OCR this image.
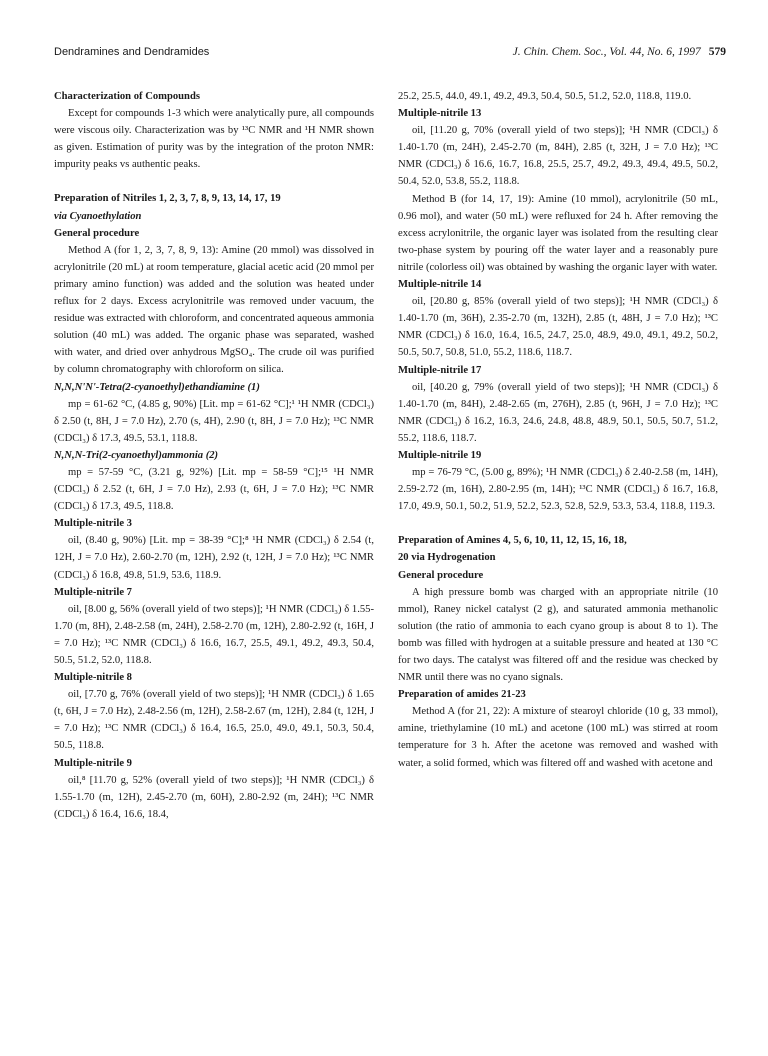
Dendramines and Dendramides	J. Chin. Chem. Soc., Vol. 44, No. 6, 1997 579
Characterization of Compounds
Except for compounds 1-3 which were analytically pure, all compounds were viscous oily. Characterization was by ¹³C NMR and ¹H NMR shown as given. Estimation of purity was by the integration of the proton NMR: impurity peaks vs authentic peaks.
Preparation of Nitriles 1, 2, 3, 7, 8, 9, 13, 14, 17, 19
via Cyanoethylation
General procedure
Method A (for 1, 2, 3, 7, 8, 9, 13): Amine (20 mmol) was dissolved in acrylonitrile (20 mL) at room temperature, glacial acetic acid (20 mmol per primary amino function) was added and the solution was heated under reflux for 2 days. Excess acrylonitrile was removed under vacuum, the residue was extracted with chloroform, and concentrated aqueous ammonia solution (40 mL) was added. The organic phase was separated, washed with water, and dried over anhydrous MgSO₄. The crude oil was purified by column chromatography with chloroform on silica.
N,N,N'N'-Tetra(2-cyanoethyl)ethandiamine (1)
mp = 61-62 °C, (4.85 g, 90%) [Lit. mp = 61-62 °C];¹ ¹H NMR (CDCl₃) δ 2.50 (t, 8H, J = 7.0 Hz), 2.70 (s, 4H), 2.90 (t, 8H, J = 7.0 Hz); ¹³C NMR (CDCl₃) δ 17.3, 49.5, 53.1, 118.8.
N,N,N-Tri(2-cyanoethyl)ammonia (2)
mp = 57-59 °C, (3.21 g, 92%) [Lit. mp = 58-59 °C];¹⁵ ¹H NMR (CDCl₃) δ 2.52 (t, 6H, J = 7.0 Hz), 2.93 (t, 6H, J = 7.0 Hz); ¹³C NMR (CDCl₃) δ 17.3, 49.5, 118.8.
Multiple-nitrile 3
oil, (8.40 g, 90%) [Lit. mp = 38-39 °C];⁸ ¹H NMR (CDCl₃) δ 2.54 (t, 12H, J = 7.0 Hz), 2.60-2.70 (m, 12H), 2.92 (t, 12H, J = 7.0 Hz); ¹³C NMR (CDCl₃) δ 16.8, 49.8, 51.9, 53.6, 118.9.
Multiple-nitrile 7
oil, [8.00 g, 56% (overall yield of two steps)]; ¹H NMR (CDCl₃) δ 1.55-1.70 (m, 8H), 2.48-2.58 (m, 24H), 2.58-2.70 (m, 12H), 2.80-2.92 (t, 16H, J = 7.0 Hz); ¹³C NMR (CDCl₃) δ 16.6, 16.7, 25.5, 49.1, 49.2, 49.3, 50.4, 50.5, 51.2, 52.0, 118.8.
Multiple-nitrile 8
oil, [7.70 g, 76% (overall yield of two steps)]; ¹H NMR (CDCl₃) δ 1.65 (t, 6H, J = 7.0 Hz), 2.48-2.56 (m, 12H), 2.58-2.67 (m, 12H), 2.84 (t, 12H, J = 7.0 Hz); ¹³C NMR (CDCl₃) δ 16.4, 16.5, 25.0, 49.0, 49.1, 50.3, 50.4, 50.5, 118.8.
Multiple-nitrile 9
oil,⁸ [11.70 g, 52% (overall yield of two steps)]; ¹H NMR (CDCl₃) δ 1.55-1.70 (m, 12H), 2.45-2.70 (m, 60H), 2.80-2.92 (m, 24H); ¹³C NMR (CDCl₃) δ 16.4, 16.6, 18.4,
25.2, 25.5, 44.0, 49.1, 49.2, 49.3, 50.4, 50.5, 51.2, 52.0, 118.8, 119.0.
Multiple-nitrile 13
oil, [11.20 g, 70% (overall yield of two steps)]; ¹H NMR (CDCl₃) δ 1.40-1.70 (m, 24H), 2.45-2.70 (m, 84H), 2.85 (t, 32H, J = 7.0 Hz); ¹³C NMR (CDCl₃) δ 16.6, 16.7, 16.8, 25.5, 25.7, 49.2, 49.3, 49.4, 49.5, 50.2, 50.4, 52.0, 53.8, 55.2, 118.8.
Method B (for 14, 17, 19): Amine (10 mmol), acrylonitrile (50 mL, 0.96 mol), and water (50 mL) were refluxed for 24 h. After removing the excess acrylonitrile, the organic layer was isolated from the resulting clear two-phase system by pouring off the water layer and a reasonably pure nitrile (colorless oil) was obtained by washing the organic layer with water.
Multiple-nitrile 14
oil, [20.80 g, 85% (overall yield of two steps)]; ¹H NMR (CDCl₃) δ 1.40-1.70 (m, 36H), 2.35-2.70 (m, 132H), 2.85 (t, 48H, J = 7.0 Hz); ¹³C NMR (CDCl₃) δ 16.0, 16.4, 16.5, 24.7, 25.0, 48.9, 49.0, 49.1, 49.2, 50.2, 50.5, 50.7, 50.8, 51.0, 55.2, 118.6, 118.7.
Multiple-nitrile 17
oil, [40.20 g, 79% (overall yield of two steps)]; ¹H NMR (CDCl₃) δ 1.40-1.70 (m, 84H), 2.48-2.65 (m, 276H), 2.85 (t, 96H, J = 7.0 Hz); ¹³C NMR (CDCl₃) δ 16.2, 16.3, 24.6, 24.8, 48.8, 48.9, 50.1, 50.5, 50.7, 51.2, 55.2, 118.6, 118.7.
Multiple-nitrile 19
mp = 76-79 °C, (5.00 g, 89%); ¹H NMR (CDCl₃) δ 2.40-2.58 (m, 14H), 2.59-2.72 (m, 16H), 2.80-2.95 (m, 14H); ¹³C NMR (CDCl₃) δ 16.7, 16.8, 17.0, 49.9, 50.1, 50.2, 51.9, 52.2, 52.3, 52.8, 52.9, 53.3, 53.4, 118.8, 119.3.
Preparation of Amines 4, 5, 6, 10, 11, 12, 15, 16, 18,
20 via Hydrogenation
General procedure
A high pressure bomb was charged with an appropriate nitrile (10 mmol), Raney nickel catalyst (2 g), and saturated ammonia methanolic solution (the ratio of ammonia to each cyano group is about 8 to 1). The bomb was filled with hydrogen at a suitable pressure and heated at 130 °C for two days. The catalyst was filtered off and the residue was checked by NMR until there was no cyano signals.
Preparation of amides 21-23
Method A (for 21, 22): A mixture of stearoyl chloride (10 g, 33 mmol), amine, triethylamine (10 mL) and acetone (100 mL) was stirred at room temperature for 3 h. After the acetone was removed and washed with water, a solid formed, which was filtered off and washed with acetone and
